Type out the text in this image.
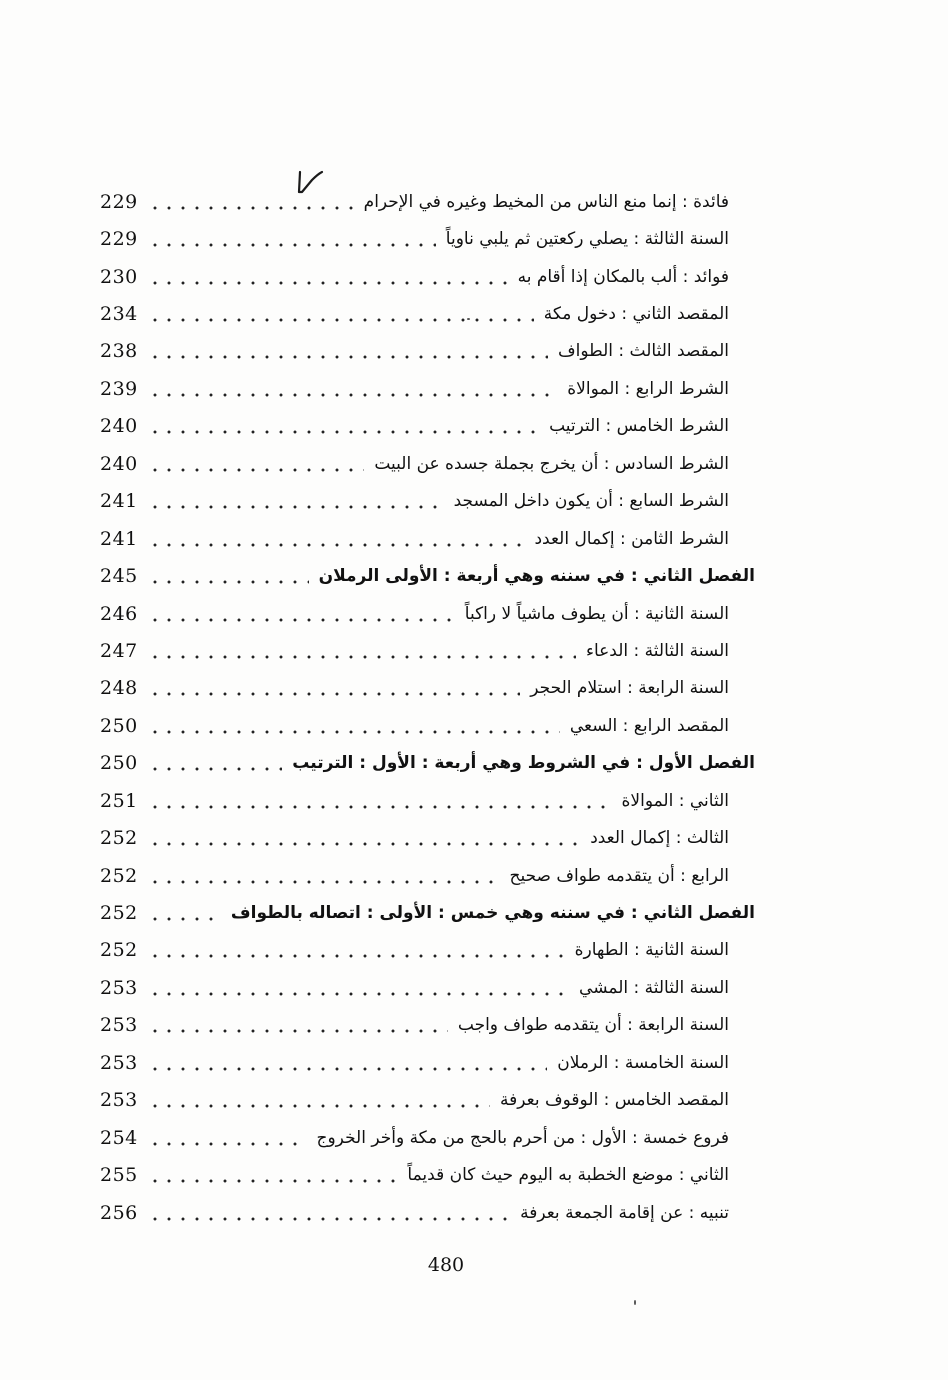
229	فائدة : إنما منع الناس من المخيط وغيره في الإحرام
229	السنة الثالثة : يصلي ركعتين ثم يلبي ناوياً
230	فوائد : ألب بالمكان إذا أقام به
234	المقصد الثاني : دخول مكة
238	المقصد الثالث : الطواف
239	الشرط الرابع : الموالاة
240	الشرط الخامس : الترتيب
240	الشرط السادس : أن يخرج بجملة جسده عن البيت
241	الشرط السابع : أن يكون داخل المسجد
241	الشرط الثامن : إكمال العدد
245	الفصل الثاني : في سننه وهي أربعة : الأولى الرملان
246	السنة الثانية : أن يطوف ماشياً لا راكباً
247	السنة الثالثة : الدعاء
248	السنة الرابعة : استلام الحجر
250	المقصد الرابع : السعي
250	الفصل الأول : في الشروط وهي أربعة : الأول : الترتيب
251	الثاني : الموالاة
252	الثالث : إكمال العدد
252	الرابع : أن يتقدمه طواف صحيح
252	الفصل الثاني : في سننه وهي خمس : الأولى : اتصاله بالطواف
252	السنة الثانية : الطهارة
253	السنة الثالثة : المشي
253	السنة الرابعة : أن يتقدمه طواف واجب
253	السنة الخامسة : الرملان
253	المقصد الخامس : الوقوف بعرفة
254	فروع خمسة : الأول : من أحرم بالحج من مكة وأخر الخروج
255	الثاني : موضع الخطبة به اليوم حيث كان قديماً
256	تنبيه : عن إقامة الجمعة بعرفة
480
